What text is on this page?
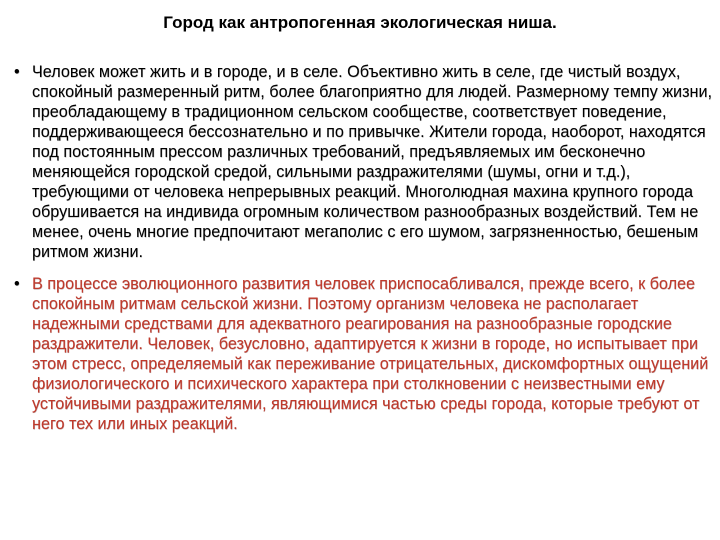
Город как антропогенная экологическая ниша.
• Человек может жить и в городе, и в селе. Объективно жить в селе, где чистый воздух, спокойный размеренный ритм, более благоприятно для людей. Размерному темпу жизни, преобладающему в традиционном сельском сообществе, соответствует поведение, поддерживающееся бессознательно и по привычке. Жители города, наоборот, находятся под постоянным прессом различных требований, предъявляемых им бесконечно меняющейся городской средой, сильными раздражителями (шумы, огни и т.д.), требующими от человека непрерывных реакций. Многолюдная махина крупного города обрушивается на индивида огромным количеством разнообразных воздействий. Тем не менее, очень многие предпочитают мегаполис с его шумом, загрязненностью, бешеным ритмом жизни.
• В процессе эволюционного развития человек приспосабливался, прежде всего, к более спокойным ритмам сельской жизни. Поэтому организм человека не располагает надежными средствами для адекватного реагирования на разнообразные городские раздражители. Человек, безусловно, адаптируется к жизни в городе, но испытывает при этом стресс, определяемый как переживание отрицательных, дискомфортных ощущений физиологического и психического характера при столкновении с неизвестными ему устойчивыми раздражителями, являющимися частью среды города, которые требуют от него тех или иных реакций.
